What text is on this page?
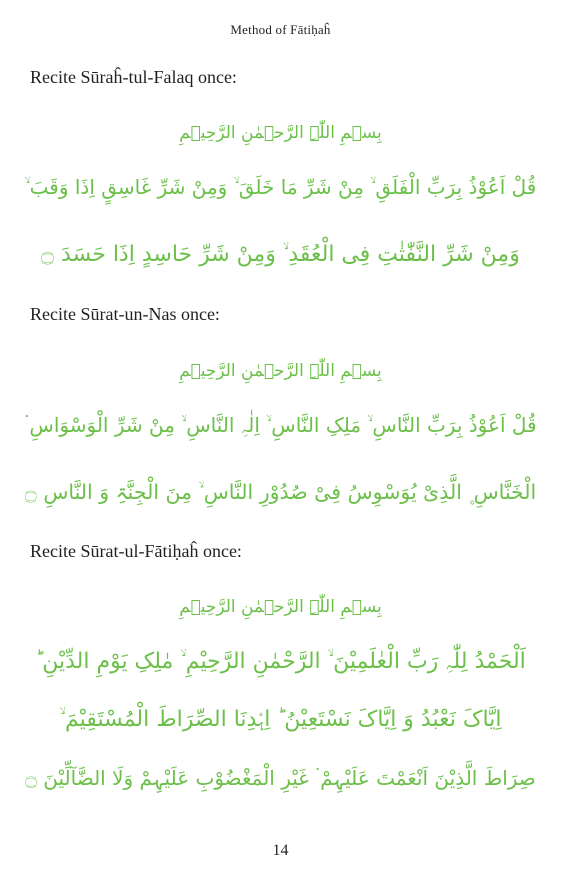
Method of Fātiḥaĥ
Recite Sūraĥ-tul-Falaq once:
بِسۡمِ اللّٰہِ الرَّحۡمٰنِ الرَّحِیۡمِ
قُلْ اَعُوْذُ بِرَبِّ الْفَلَقِ ۙ مِنْ شَرِّ مَا خَلَقَ ۙ وَمِنْ شَرِّ غَاسِقٍ اِذَا وَقَبَ ۙ
وَمِنْ شَرِّ النَّفّٰثٰتِ فِی الْعُقَدِ ۙ وَمِنْ شَرِّ حَاسِدٍ اِذَا حَسَدَ ۝
Recite Sūrat-un-Nas once:
بِسۡمِ اللّٰہِ الرَّحۡمٰنِ الرَّحِیۡمِ
قُلْ اَعُوْذُ بِرَبِّ النَّاسِ ۙ مَلِکِ النَّاسِ ۙ اِلٰہِ النَّاسِ ۙ مِنْ شَرِّ الْوَسْوَاسِ ۬
الْخَنَّاسِ ۪ الَّذِیْ یُوَسْوِسُ فِیْ صُدُوْرِ النَّاسِ ۙ مِنَ الْجِنَّۃِ وَ النَّاسِ ۝
Recite Sūrat-ul-Fātiḥaĥ once:
بِسۡمِ اللّٰہِ الرَّحۡمٰنِ الرَّحِیۡمِ
اَلْحَمْدُ لِلّٰہِ رَبِّ الْعٰلَمِیْنَ ۙ الرَّحْمٰنِ الرَّحِیْمِ ۙ مٰلِکِ یَوْمِ الدِّیْنِ ؕ
اِیَّاکَ نَعْبُدُ وَ اِیَّاکَ نَسْتَعِیْنُ ؕ اِہْدِنَا الصِّرَاطَ الْمُسْتَقِیْمَ ۙ
صِرَاطَ الَّذِیْنَ اَنْعَمْتَ عَلَیْہِمْ ۬ غَیْرِ الْمَغْضُوْبِ عَلَیْہِمْ وَلَا الضَّآلِّیْنَ ۝
14
